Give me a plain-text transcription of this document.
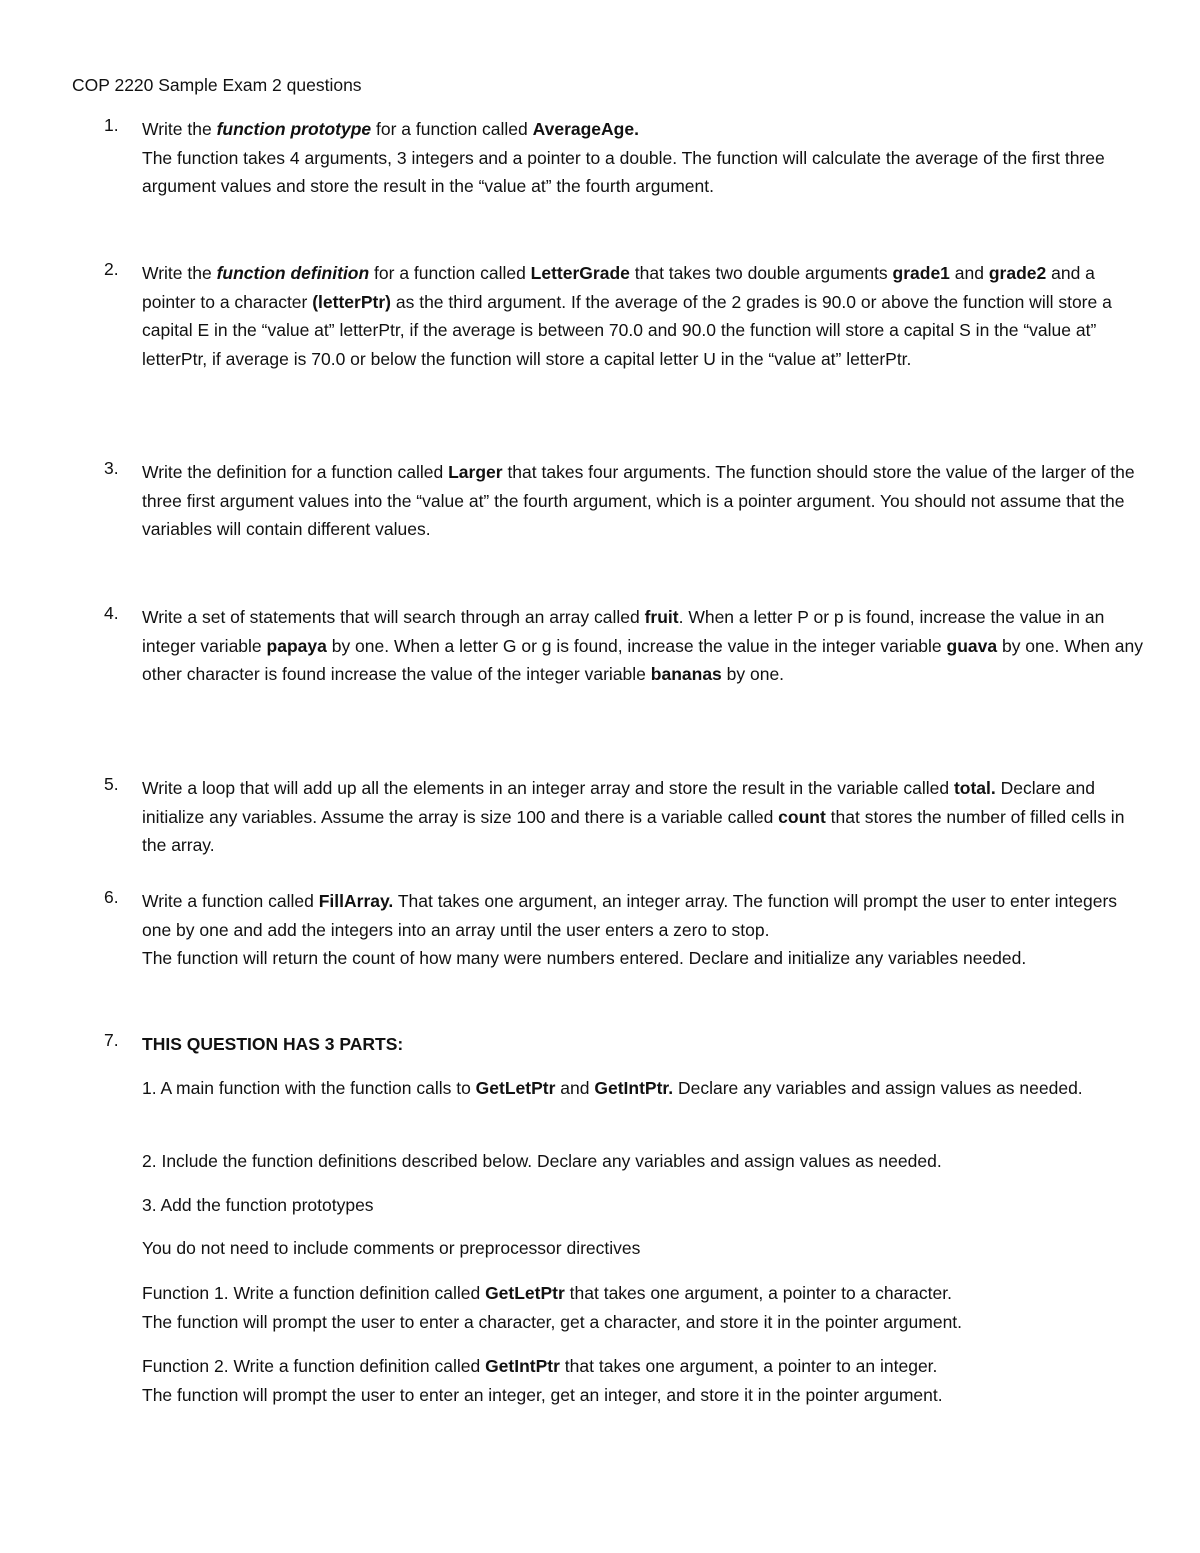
COP 2220 Sample Exam 2 questions
1.	Write the function prototype for a function called AverageAge.
The function takes 4 arguments, 3 integers and a pointer to a double. The function will calculate the average of the first three argument values and store the result in the “value at” the fourth argument.
2.	Write the function definition for a function called LetterGrade that takes two double arguments grade1 and grade2 and a pointer to a character (letterPtr) as the third argument. If the average of the 2 grades is 90.0 or above the function will store a capital E in the “value at” letterPtr, if the average is between 70.0 and 90.0 the function will store a capital S in the “value at” letterPtr, if average is 70.0 or below the function will store a capital letter U in the “value at” letterPtr.
3.	Write the definition for a function called Larger that takes four arguments. The function should store the value of the larger of the three first argument values into the “value at” the fourth argument, which is a pointer argument. You should not assume that the variables will contain different values.
4.	Write a set of statements that will search through an array called fruit. When a letter P or p is found, increase the value in an integer variable papaya by one. When a letter G or g is found, increase the value in the integer variable guava by one. When any other character is found increase the value of the integer variable bananas by one.
5.	Write a loop that will add up all the elements in an integer array and store the result in the variable called total. Declare and initialize any variables. Assume the array is size 100 and there is a variable called count that stores the number of filled cells in the array.
6.	Write a function called FillArray. That takes one argument, an integer array. The function will prompt the user to enter integers one by one and add the integers into an array until the user enters a zero to stop.
The function will return the count of how many were numbers entered. Declare and initialize any variables needed.
7.	THIS QUESTION HAS 3 PARTS:
1. A main function with the function calls to GetLetPtr and GetIntPtr. Declare any variables and assign values as needed.
2. Include the function definitions described below. Declare any variables and assign values as needed.
3. Add the function prototypes
You do not need to include comments or preprocessor directives
Function 1. Write a function definition called GetLetPtr that takes one argument, a pointer to a character.
The function will prompt the user to enter a character, get a character, and store it in the pointer argument.
Function 2. Write a function definition called GetIntPtr that takes one argument, a pointer to an integer.
The function will prompt the user to enter an integer, get an integer, and store it in the pointer argument.
